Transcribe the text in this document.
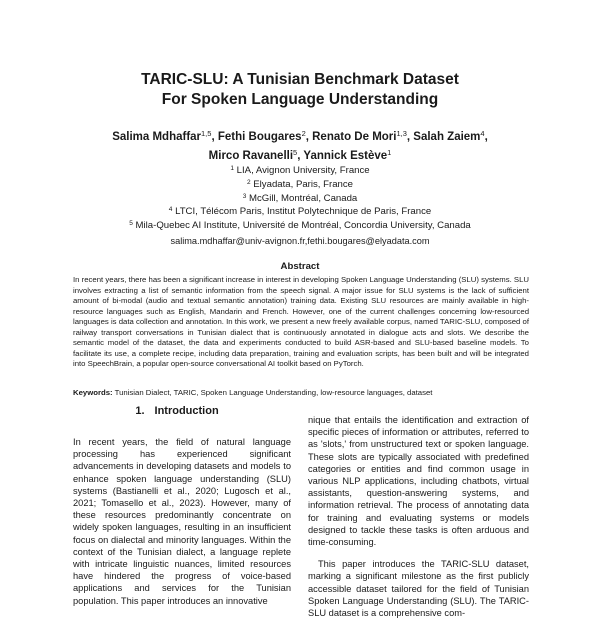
TARIC-SLU: A Tunisian Benchmark Dataset
For Spoken Language Understanding
Salima Mdhaffar$^{1,5}$, Fethi Bougares$^2$, Renato De Mori$^{1,3}$, Salah Zaiem$^4$,
Mirco Ravanelli$^5$, Yannick Estève$^1$
$^1$ LIA, Avignon University, France
$^2$ Elyadata, Paris, France
$^3$ McGill, Montréal, Canada
$^4$ LTCI, Télécom Paris, Institut Polytechnique de Paris, France
$^5$ Mila-Quebec AI Institute, Université de Montréal, Concordia University, Canada
salima.mdhaffar@univ-avignon.fr,fethi.bougares@elyadata.com
Abstract
In recent years, there has been a significant increase in interest in developing Spoken Language Understanding (SLU) systems. SLU involves extracting a list of semantic information from the speech signal. A major issue for SLU systems is the lack of sufficient amount of bi-modal (audio and textual semantic annotation) training data. Existing SLU resources are mainly available in high-resource languages such as English, Mandarin and French. However, one of the current challenges concerning low-resourced languages is data collection and annotation. In this work, we present a new freely available corpus, named TARIC-SLU, composed of railway transport conversations in Tunisian dialect that is continuously annotated in dialogue acts and slots. We describe the semantic model of the dataset, the data and experiments conducted to build ASR-based and SLU-based baseline models. To facilitate its use, a complete recipe, including data preparation, training and evaluation scripts, has been built and will be integrated into SpeechBrain, a popular open-source conversational AI toolkit based on PyTorch.
Keywords: Tunisian Dialect, TARIC, Spoken Language Understanding, low-resource languages, dataset
1. Introduction

In recent years, the field of natural language processing has experienced significant advancements in developing datasets and models to enhance spoken language understanding (SLU) systems (Bastianelli et al., 2020; Lugosch et al., 2021; Tomasello et al., 2023). However, many of these resources predominantly concentrate on widely spoken languages, resulting in an insufficient focus on dialectal and minority languages. Within the context of the Tunisian dialect, a language replete with intricate linguistic nuances, limited resources have hindered the progress of voice-based applications and services for the Tunisian population. This paper introduces an innovative

nique that entails the identification and extraction of specific pieces of information or attributes, referred to as 'slots,' from unstructured text or spoken language. These slots are typically associated with predefined categories or entities and find common usage in various NLP applications, including chatbots, virtual assistants, question-answering systems, and information retrieval. The process of annotating data for training and evaluating systems or models designed to tackle these tasks is often arduous and time-consuming.

This paper introduces the TARIC-SLU dataset, marking a significant milestone as the first publicly accessible dataset tailored for the field of Tunisian Spoken Language Understanding (SLU). The TARIC-SLU dataset is a comprehensive com-
